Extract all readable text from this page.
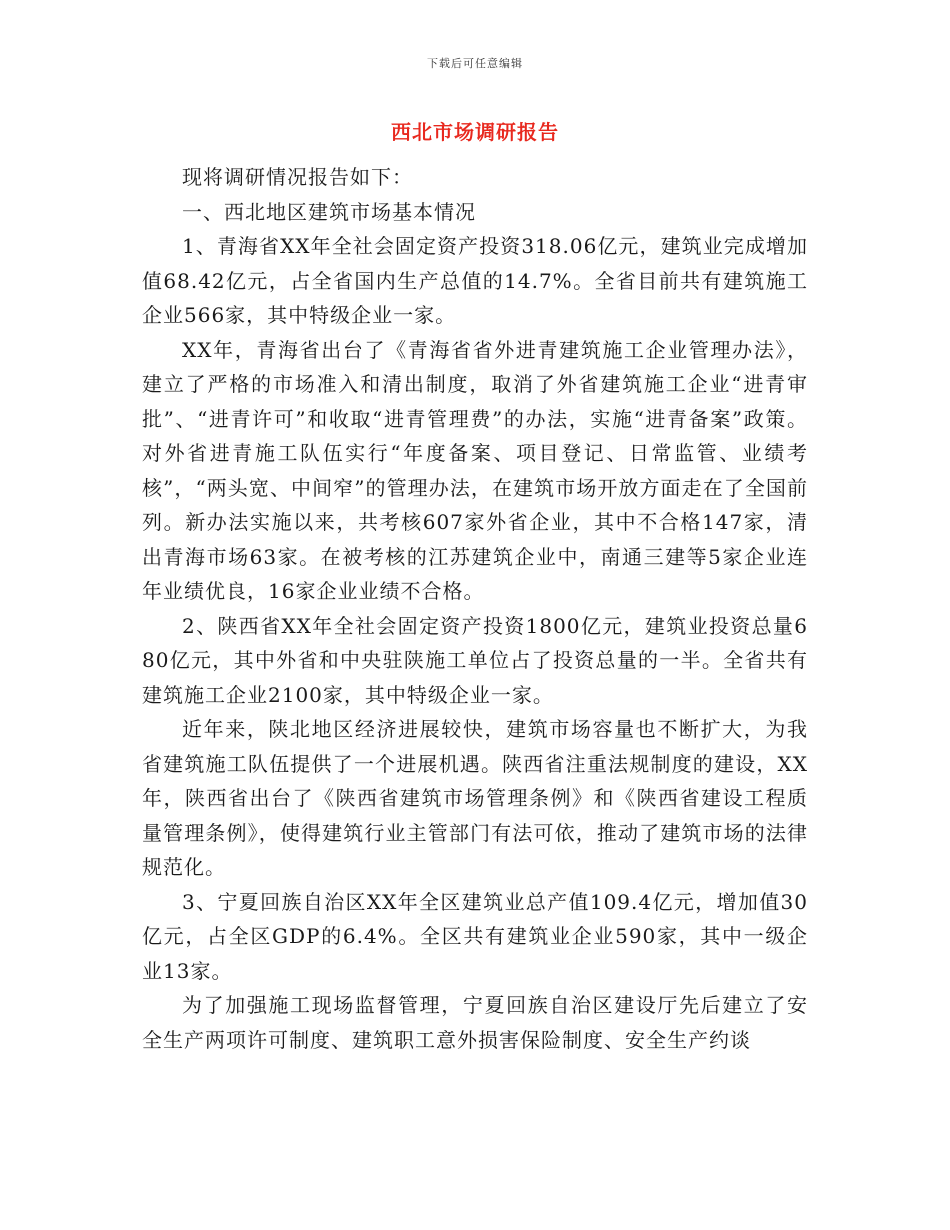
下载后可任意编辑
西北市场调研报告

现将调研情况报告如下：

一、西北地区建筑市场基本情况

1、青海省XX年全社会固定资产投资318.06亿元，建筑业完成增加值68.42亿元，占全省国内生产总值的14.7%。全省目前共有建筑施工企业566家，其中特级企业一家。

XX年，青海省出台了《青海省省外进青建筑施工企业管理办法》，建立了严格的市场准入和清出制度，取消了外省建筑施工企业“进青审批”、“进青许可”和收取“进青管理费”的办法，实施“进青备案”政策。对外省进青施工队伍实行“年度备案、项目登记、日常监管、业绩考核”，“两头宽、中间窄”的管理办法，在建筑市场开放方面走在了全国前列。新办法实施以来，共考核607家外省企业，其中不合格147家，清出青海市场63家。在被考核的江苏建筑企业中，南通三建等5家企业连年业绩优良，16家企业业绩不合格。

2、陕西省XX年全社会固定资产投资1800亿元，建筑业投资总量680亿元，其中外省和中央驻陕施工单位占了投资总量的一半。全省共有建筑施工企业2100家，其中特级企业一家。

近年来，陕北地区经济进展较快，建筑市场容量也不断扩大，为我省建筑施工队伍提供了一个进展机遇。陕西省注重法规制度的建设，XX年，陕西省出台了《陕西省建筑市场管理条例》和《陕西省建设工程质量管理条例》，使得建筑行业主管部门有法可依，推动了建筑市场的法律规范化。

3、宁夏回族自治区XX年全区建筑业总产值109.4亿元，增加值30亿元，占全区GDP的6.4%。全区共有建筑业企业590家，其中一级企业13家。

为了加强施工现场监督管理，宁夏回族自治区建设厅先后建立了安全生产两项许可制度、建筑职工意外损害保险制度、安全生产约谈
